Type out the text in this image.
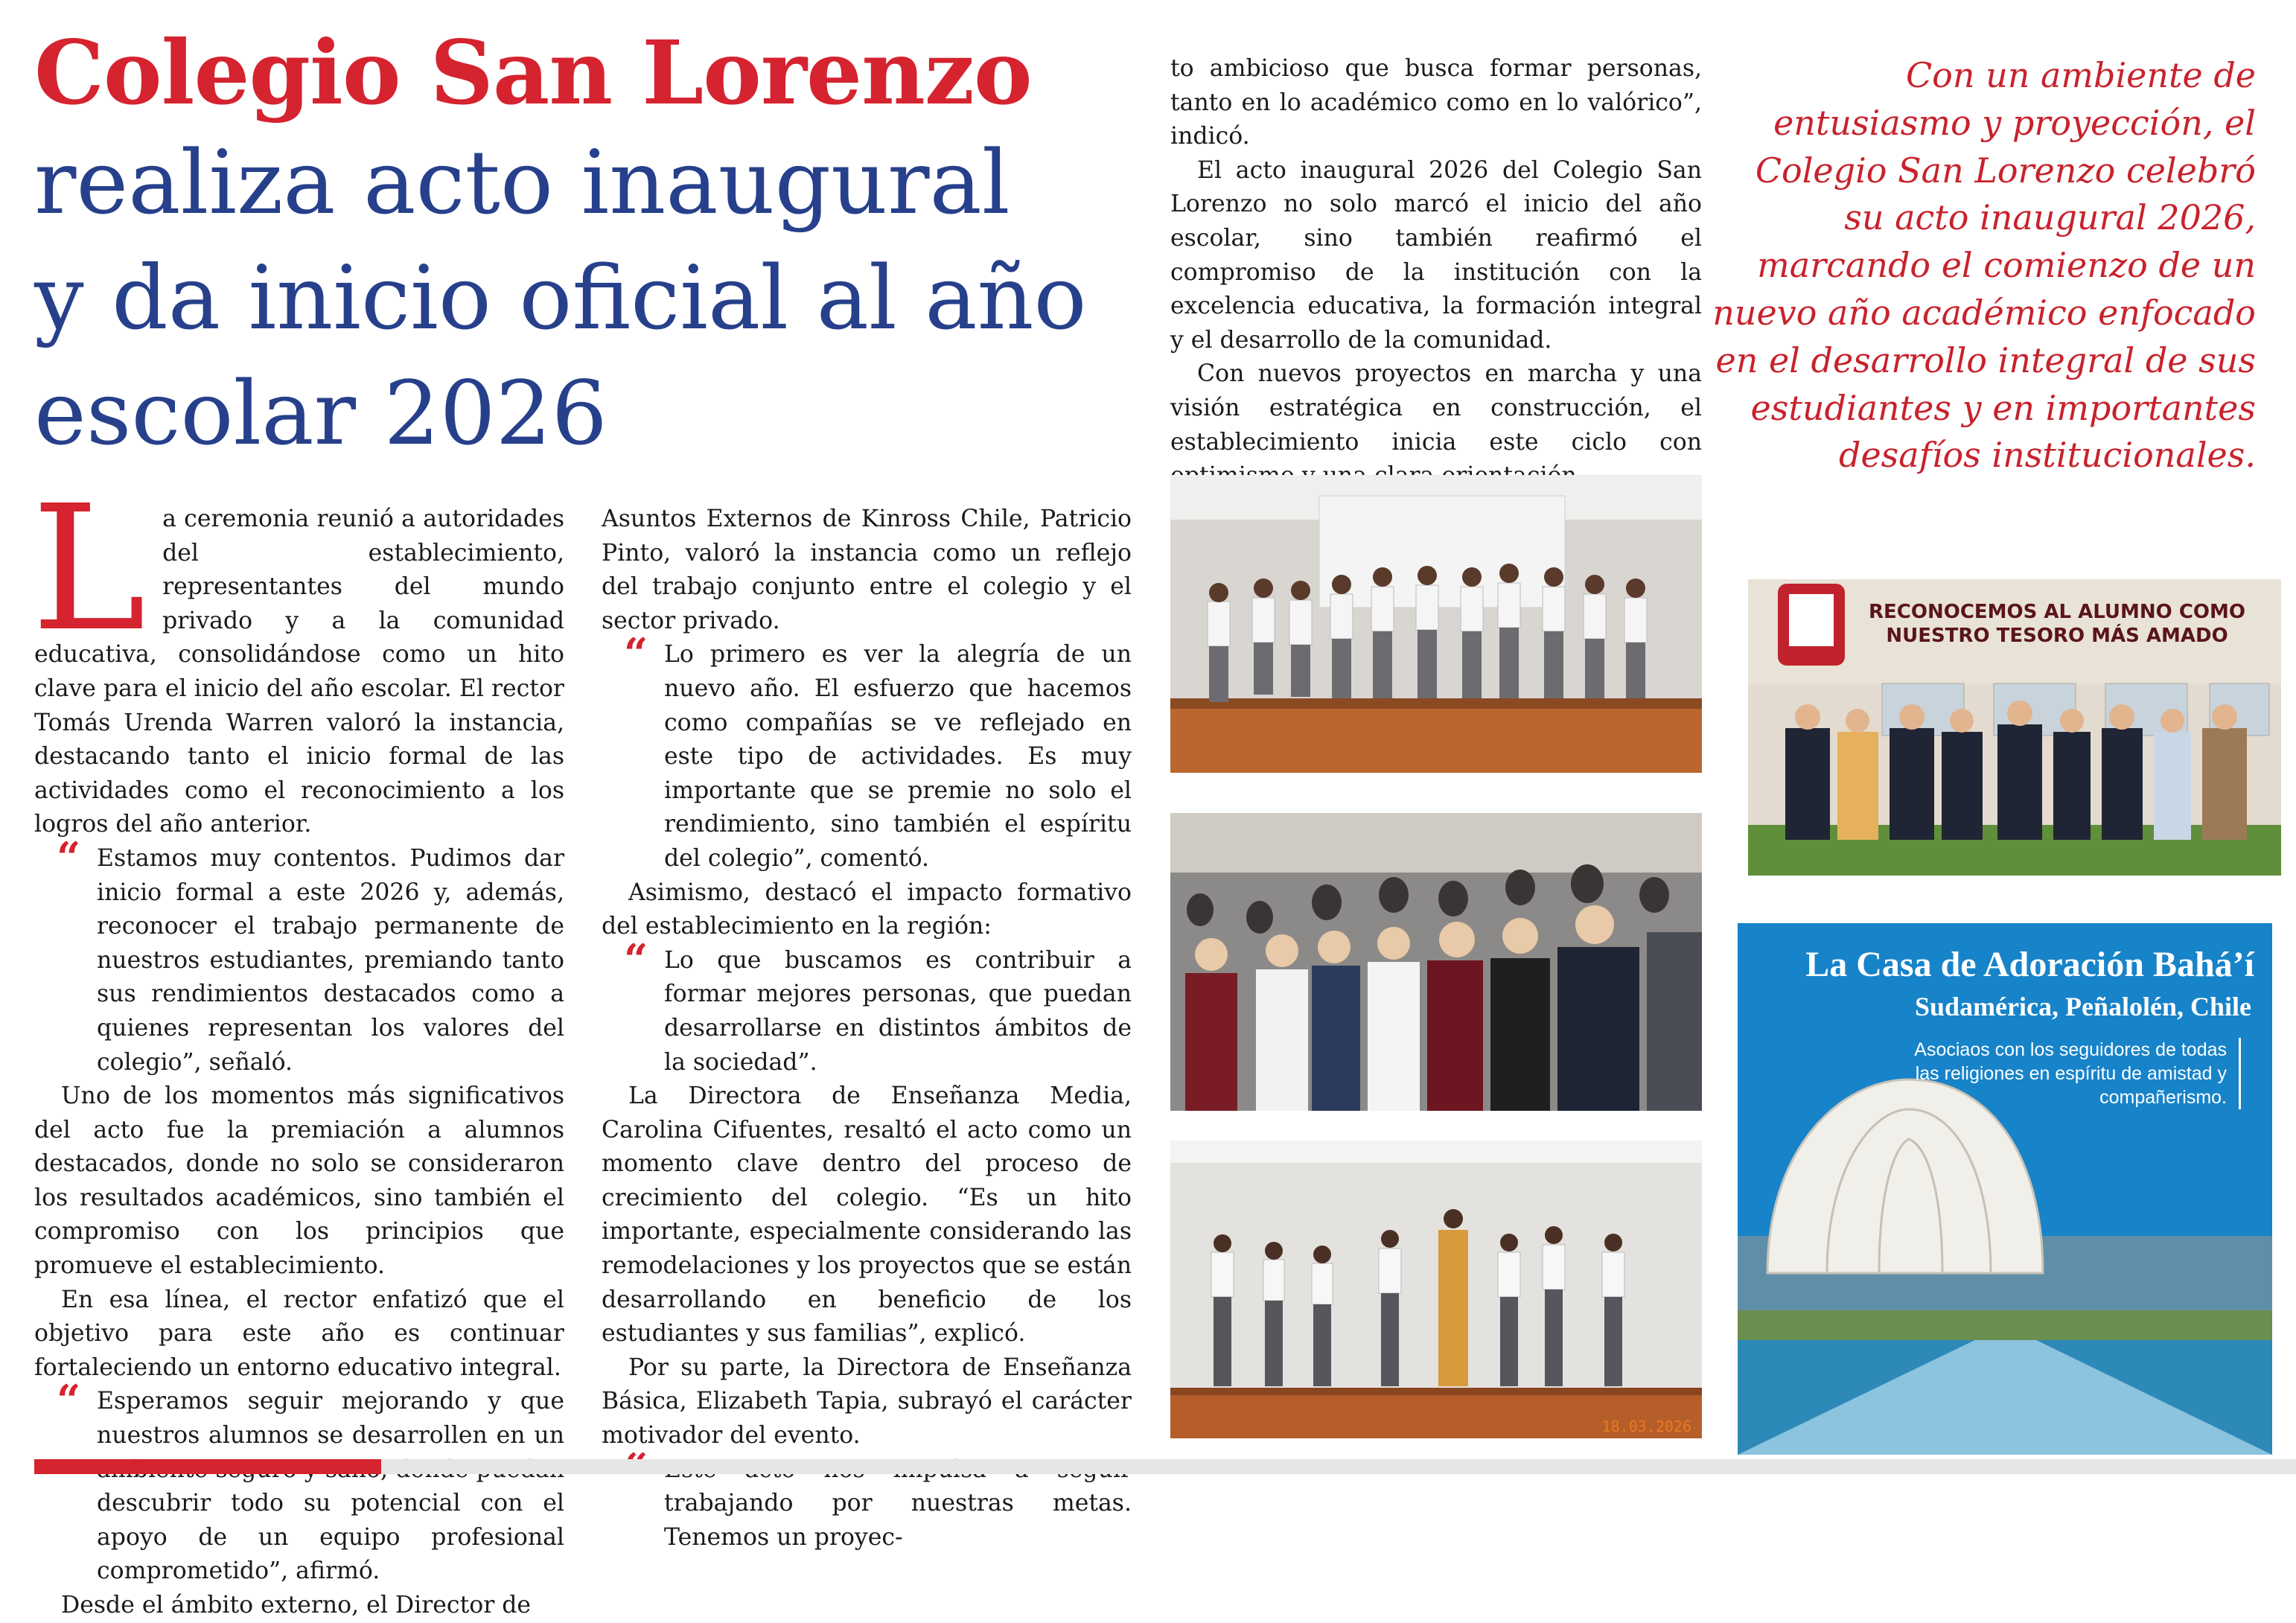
Colegio San Lorenzo
realiza acto inaugural
y da inicio oficial al año
escolar 2026

La ceremonia reunió a autoridades del establecimiento, representantes del mundo privado y a la comunidad educativa, consolidándose como un hito clave para el inicio del año escolar. El rector Tomás Urenda Warren valoró la instancia, destacando tanto el inicio formal de las actividades como el reconocimiento a los logros del año anterior.

“ Estamos muy contentos. Pudimos dar inicio formal a este 2026 y, además, reconocer el trabajo permanente de nuestros estudiantes, premiando tanto sus rendimientos destacados como a quienes representan los valores del colegio”, señaló.

Uno de los momentos más significativos del acto fue la premiación a alumnos destacados, donde no solo se consideraron los resultados académicos, sino también el compromiso con los principios que promueve el establecimiento.

En esa línea, el rector enfatizó que el objetivo para este año es continuar fortaleciendo un entorno educativo integral.

“ Esperamos seguir mejorando y que nuestros alumnos se desarrollen en un descubrir todo su potencial con el apoyo de un equipo profesional comprometido”, afirmó.

Desde el ámbito externo, el Director de

Asuntos Externos de Kinross Chile, Patricio Pinto, valoró la instancia como un reflejo del trabajo conjunto entre el colegio y el sector privado.

“ Lo primero es ver la alegría de un nuevo año. El esfuerzo que hacemos como compañías se ve reflejado en este tipo de actividades. Es muy importante que se premie no solo el rendimiento, sino también el espíritu del colegio”, comentó.

Asimismo, destacó el impacto formativo del establecimiento en la región:

“ Lo que buscamos es contribuir a formar mejores personas, que puedan desarrollarse en distintos ámbitos de la sociedad”.

La Directora de Enseñanza Media, Carolina Cifuentes, resaltó el acto como un momento clave dentro del proceso de crecimiento del colegio. “Es un hito importante, especialmente considerando las remodelaciones y los proyectos que se están desarrollando en beneficio de los estudiantes y sus familias”, explicó.

Por su parte, la Directora de Enseñanza Básica, Elizabeth Tapia, subrayó el carácter motivador del evento.

trabajando por nuestras metas. Tenemos un proyec-

to ambicioso que busca formar personas, tanto en lo académico como en lo valórico”, indicó.

El acto inaugural 2026 del Colegio San Lorenzo no solo marcó el inicio del año escolar, sino también reafirmó el compromiso de la institución con la excelencia educativa, la formación integral y el desarrollo de la comunidad.

Con nuevos proyectos en marcha y una visión estratégica en construcción, el establecimiento inicia este ciclo con

Con un ambiente de entusiasmo y proyección, el Colegio San Lorenzo celebró su acto inaugural 2026, marcando el comienzo de un nuevo año académico enfocado en el desarrollo integral de sus estudiantes y en importantes desafíos institucionales.

18.03.2026
RECONOCEMOS AL ALUMNO COMO NUESTRO TESORO MÁS AMADO
La Casa de Adoración Bahá’í
Sudamérica, Peñalolén, Chile
Asociaos con los seguidores de todas las religiones en espíritu de amistad y compañerismo.
